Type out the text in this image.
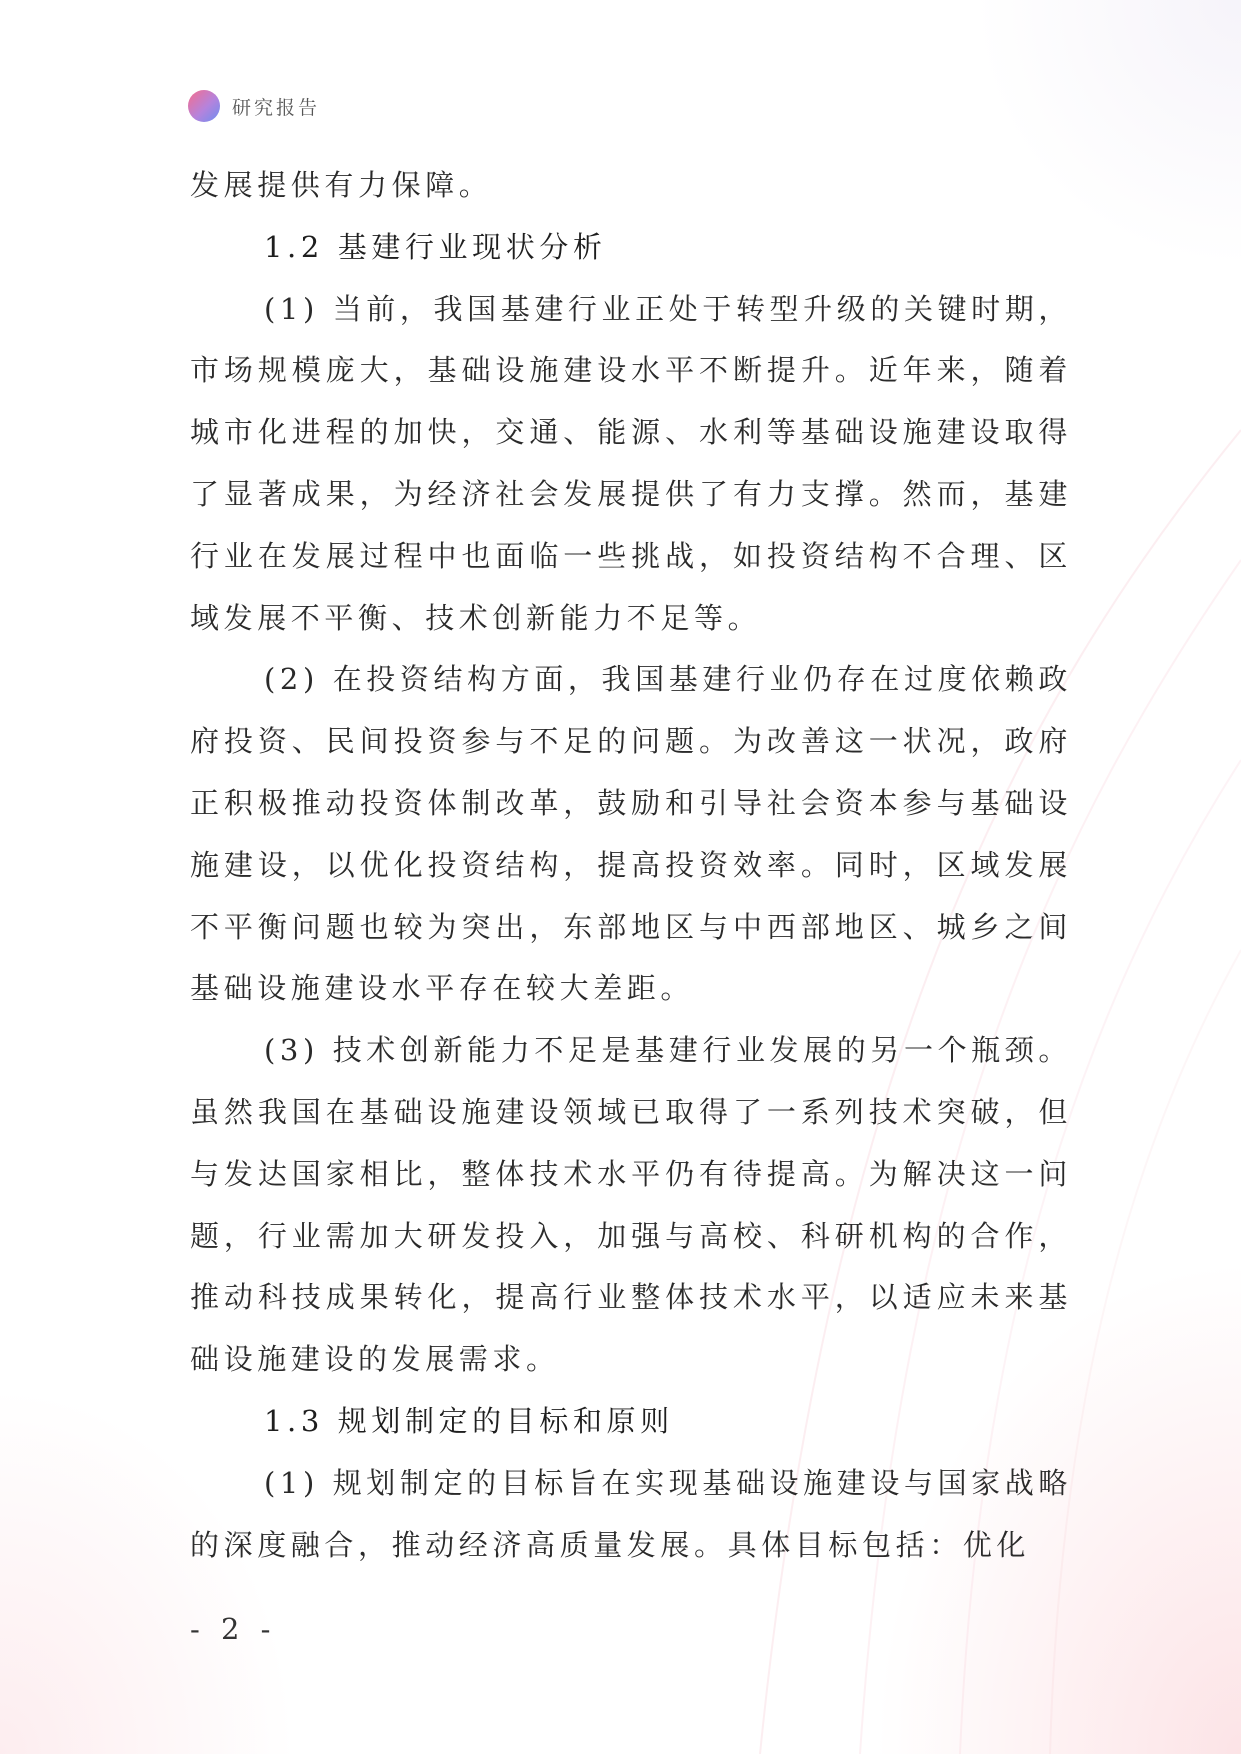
研究报告

发展提供有力保障。

1.2 基建行业现状分析

(1) 当前，我国基建行业正处于转型升级的关键时期，市场规模庞大，基础设施建设水平不断提升。近年来，随着城市化进程的加快，交通、能源、水利等基础设施建设取得了显著成果，为经济社会发展提供了有力支撑。然而，基建行业在发展过程中也面临一些挑战，如投资结构不合理、区域发展不平衡、技术创新能力不足等。

(2) 在投资结构方面，我国基建行业仍存在过度依赖政府投资、民间投资参与不足的问题。为改善这一状况，政府正积极推动投资体制改革，鼓励和引导社会资本参与基础设施建设，以优化投资结构，提高投资效率。同时，区域发展不平衡问题也较为突出，东部地区与中西部地区、城乡之间基础设施建设水平存在较大差距。

(3) 技术创新能力不足是基建行业发展的另一个瓶颈。虽然我国在基础设施建设领域已取得了一系列技术突破，但与发达国家相比，整体技术水平仍有待提高。为解决这一问题，行业需加大研发投入，加强与高校、科研机构的合作，推动科技成果转化，提高行业整体技术水平，以适应未来基础设施建设的发展需求。

1.3 规划制定的目标和原则

(1) 规划制定的目标旨在实现基础设施建设与国家战略的深度融合，推动经济高质量发展。具体目标包括：优化

- 2 -
